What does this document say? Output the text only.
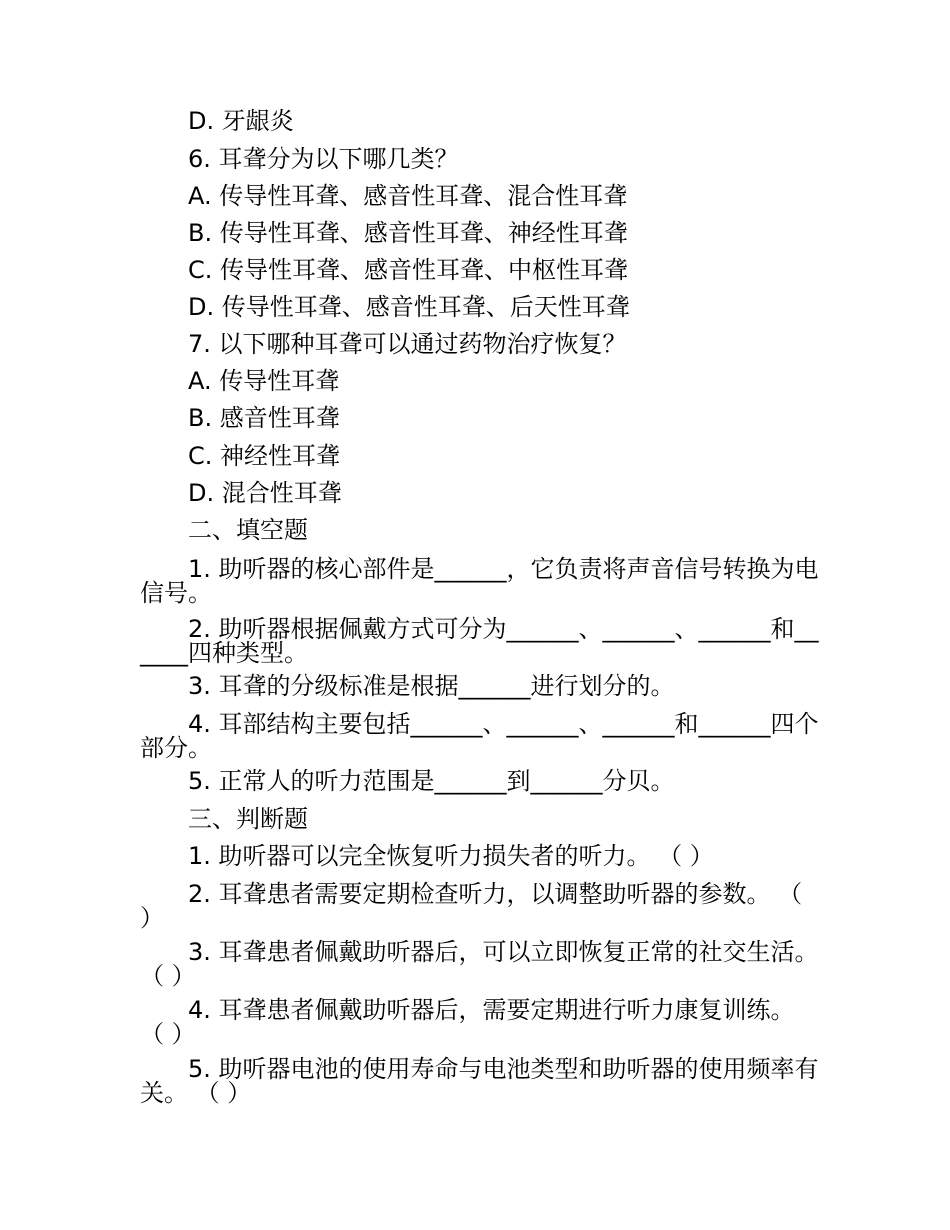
D. 牙龈炎
6. 耳聋分为以下哪几类？
A. 传导性耳聋、感音性耳聋、混合性耳聋
B. 传导性耳聋、感音性耳聋、神经性耳聋
C. 传导性耳聋、感音性耳聋、中枢性耳聋
D. 传导性耳聋、感音性耳聋、后天性耳聋
7. 以下哪种耳聋可以通过药物治疗恢复？
A. 传导性耳聋
B. 感音性耳聋
C. 神经性耳聋
D. 混合性耳聋
二、填空题
1. 助听器的核心部件是______，它负责将声音信号转换为电信号。
2. 助听器根据佩戴方式可分为______、______、______和______四种类型。
3. 耳聋的分级标准是根据______进行划分的。
4. 耳部结构主要包括______、______、______和______四个部分。
5. 正常人的听力范围是______到______分贝。
三、判断题
1. 助听器可以完全恢复听力损失者的听力。 （ ）
2. 耳聋患者需要定期检查听力，以调整助听器的参数。 （ ）
3. 耳聋患者佩戴助听器后，可以立即恢复正常的社交生活。 （ ）
4. 耳聋患者佩戴助听器后，需要定期进行听力康复训练。 （ ）
5. 助听器电池的使用寿命与电池类型和助听器的使用频率有关。 （ ）
